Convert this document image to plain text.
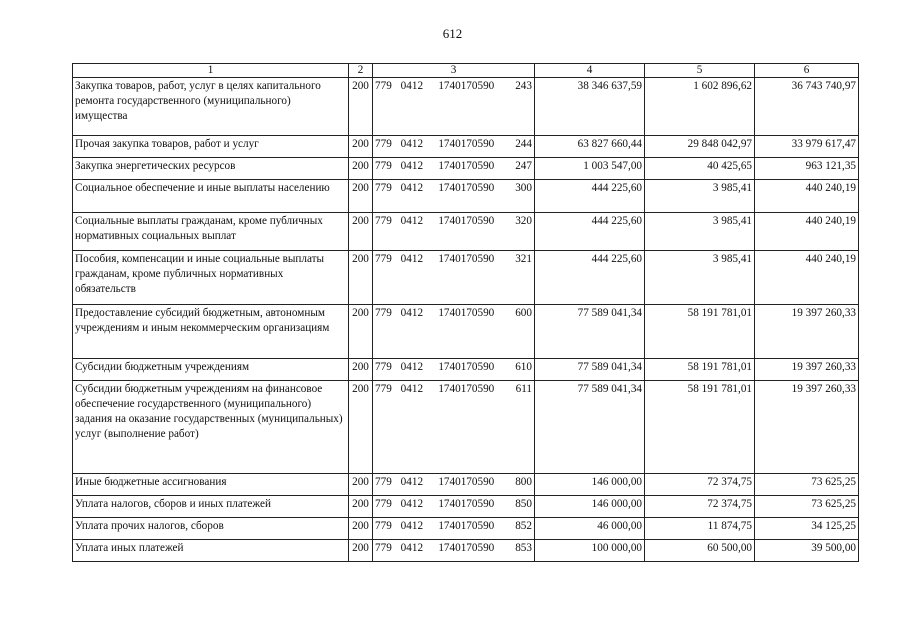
612
1	2	3	4	5	6
Закупка товаров, работ, услуг в целях капитального ремонта государственного (муниципального) имущества	200	779 0412 1740170590 243	38 346 637,59	1 602 896,62	36 743 740,97
Прочая закупка товаров, работ и услуг	200	779 0412 1740170590 244	63 827 660,44	29 848 042,97	33 979 617,47
Закупка энергетических ресурсов	200	779 0412 1740170590 247	1 003 547,00	40 425,65	963 121,35
Социальное обеспечение и иные выплаты населению	200	779 0412 1740170590 300	444 225,60	3 985,41	440 240,19
Социальные выплаты гражданам, кроме публичных нормативных социальных выплат	200	779 0412 1740170590 320	444 225,60	3 985,41	440 240,19
Пособия, компенсации и иные социальные выплаты гражданам, кроме публичных нормативных обязательств	200	779 0412 1740170590 321	444 225,60	3 985,41	440 240,19
Предоставление субсидий бюджетным, автономным учреждениям и иным некоммерческим организациям	200	779 0412 1740170590 600	77 589 041,34	58 191 781,01	19 397 260,33
Субсидии бюджетным учреждениям	200	779 0412 1740170590 610	77 589 041,34	58 191 781,01	19 397 260,33
Субсидии бюджетным учреждениям на финансовое обеспечение государственного (муниципального) задания на оказание государственных (муниципальных) услуг (выполнение работ)	200	779 0412 1740170590 611	77 589 041,34	58 191 781,01	19 397 260,33
Иные бюджетные ассигнования	200	779 0412 1740170590 800	146 000,00	72 374,75	73 625,25
Уплата налогов, сборов и иных платежей	200	779 0412 1740170590 850	146 000,00	72 374,75	73 625,25
Уплата прочих налогов, сборов	200	779 0412 1740170590 852	46 000,00	11 874,75	34 125,25
Уплата иных платежей	200	779 0412 1740170590 853	100 000,00	60 500,00	39 500,00
